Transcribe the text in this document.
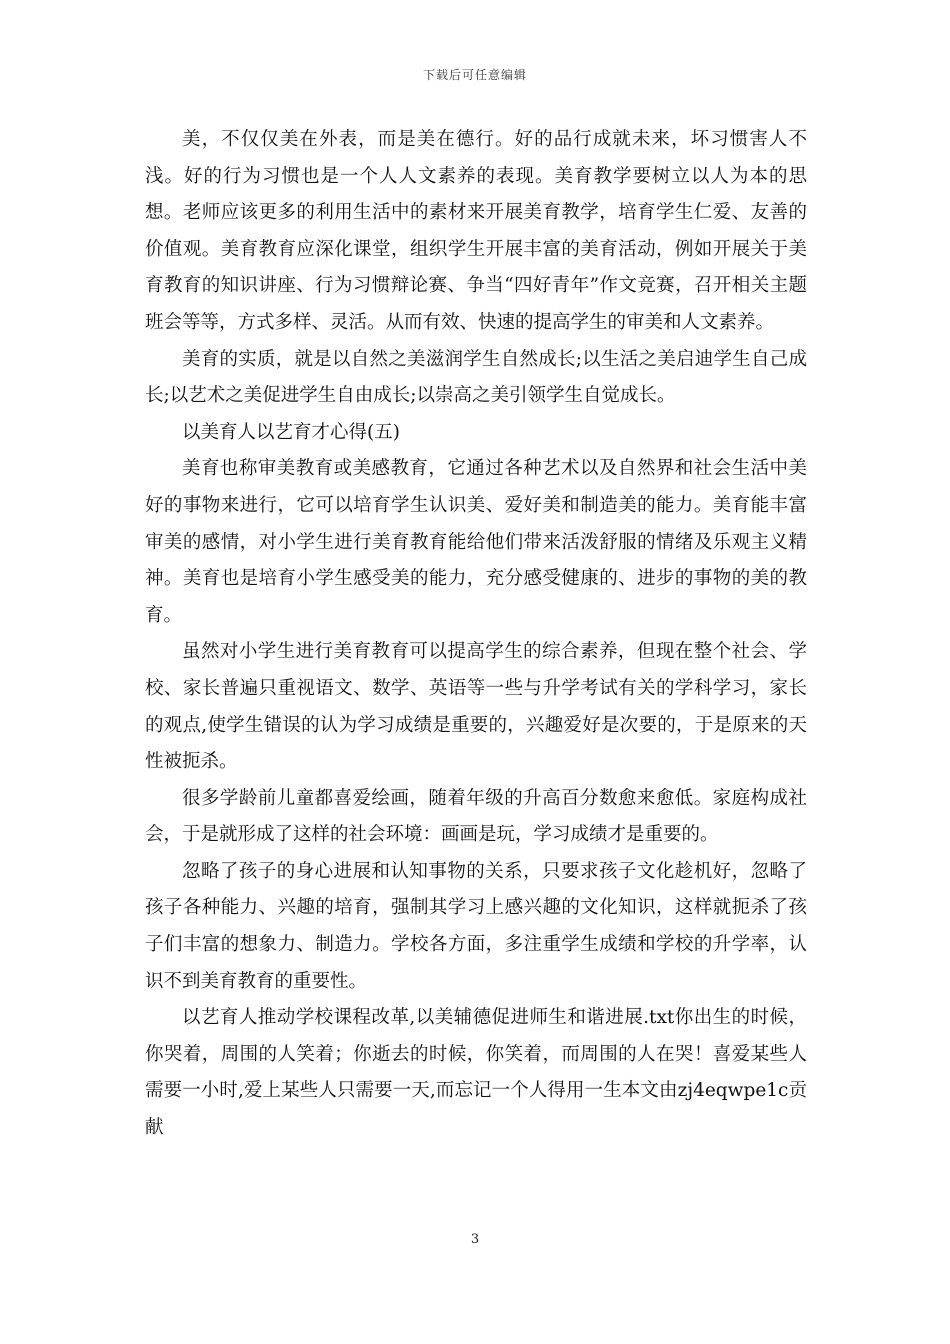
下载后可任意编辑

美，不仅仅美在外表，而是美在德行。好的品行成就未来，坏习惯害人不浅。好的行为习惯也是一个人人文素养的表现。美育教学要树立以人为本的思想。老师应该更多的利用生活中的素材来开展美育教学，培育学生仁爱、友善的价值观。美育教育应深化课堂，组织学生开展丰富的美育活动，例如开展关于美育教育的知识讲座、行为习惯辩论赛、争当“四好青年”作文竞赛，召开相关主题班会等等，方式多样、灵活。从而有效、快速的提高学生的审美和人文素养。

美育的实质，就是以自然之美滋润学生自然成长;以生活之美启迪学生自己成长;以艺术之美促进学生自由成长;以崇高之美引领学生自觉成长。

以美育人以艺育才心得(五)

美育也称审美教育或美感教育，它通过各种艺术以及自然界和社会生活中美好的事物来进行，它可以培育学生认识美、爱好美和制造美的能力。美育能丰富审美的感情，对小学生进行美育教育能给他们带来活泼舒服的情绪及乐观主义精神。美育也是培育小学生感受美的能力，充分感受健康的、进步的事物的美的教育。

虽然对小学生进行美育教育可以提高学生的综合素养，但现在整个社会、学校、家长普遍只重视语文、数学、英语等一些与升学考试有关的学科学习，家长的观点,使学生错误的认为学习成绩是重要的，兴趣爱好是次要的，于是原来的天性被扼杀。

很多学龄前儿童都喜爱绘画，随着年级的升高百分数愈来愈低。家庭构成社会，于是就形成了这样的社会环境：画画是玩，学习成绩才是重要的。

忽略了孩子的身心进展和认知事物的关系，只要求孩子文化趁机好，忽略了孩子各种能力、兴趣的培育，强制其学习上感兴趣的文化知识，这样就扼杀了孩子们丰富的想象力、制造力。学校各方面，多注重学生成绩和学校的升学率，认识不到美育教育的重要性。

以艺育人推动学校课程改革,以美辅德促进师生和谐进展.txt你出生的时候，你哭着，周围的人笑着；你逝去的时候，你笑着，而周围的人在哭！喜爱某些人需要一小时,爱上某些人只需要一天,而忘记一个人得用一生本文由zj4eqwpe1c贡献

3
